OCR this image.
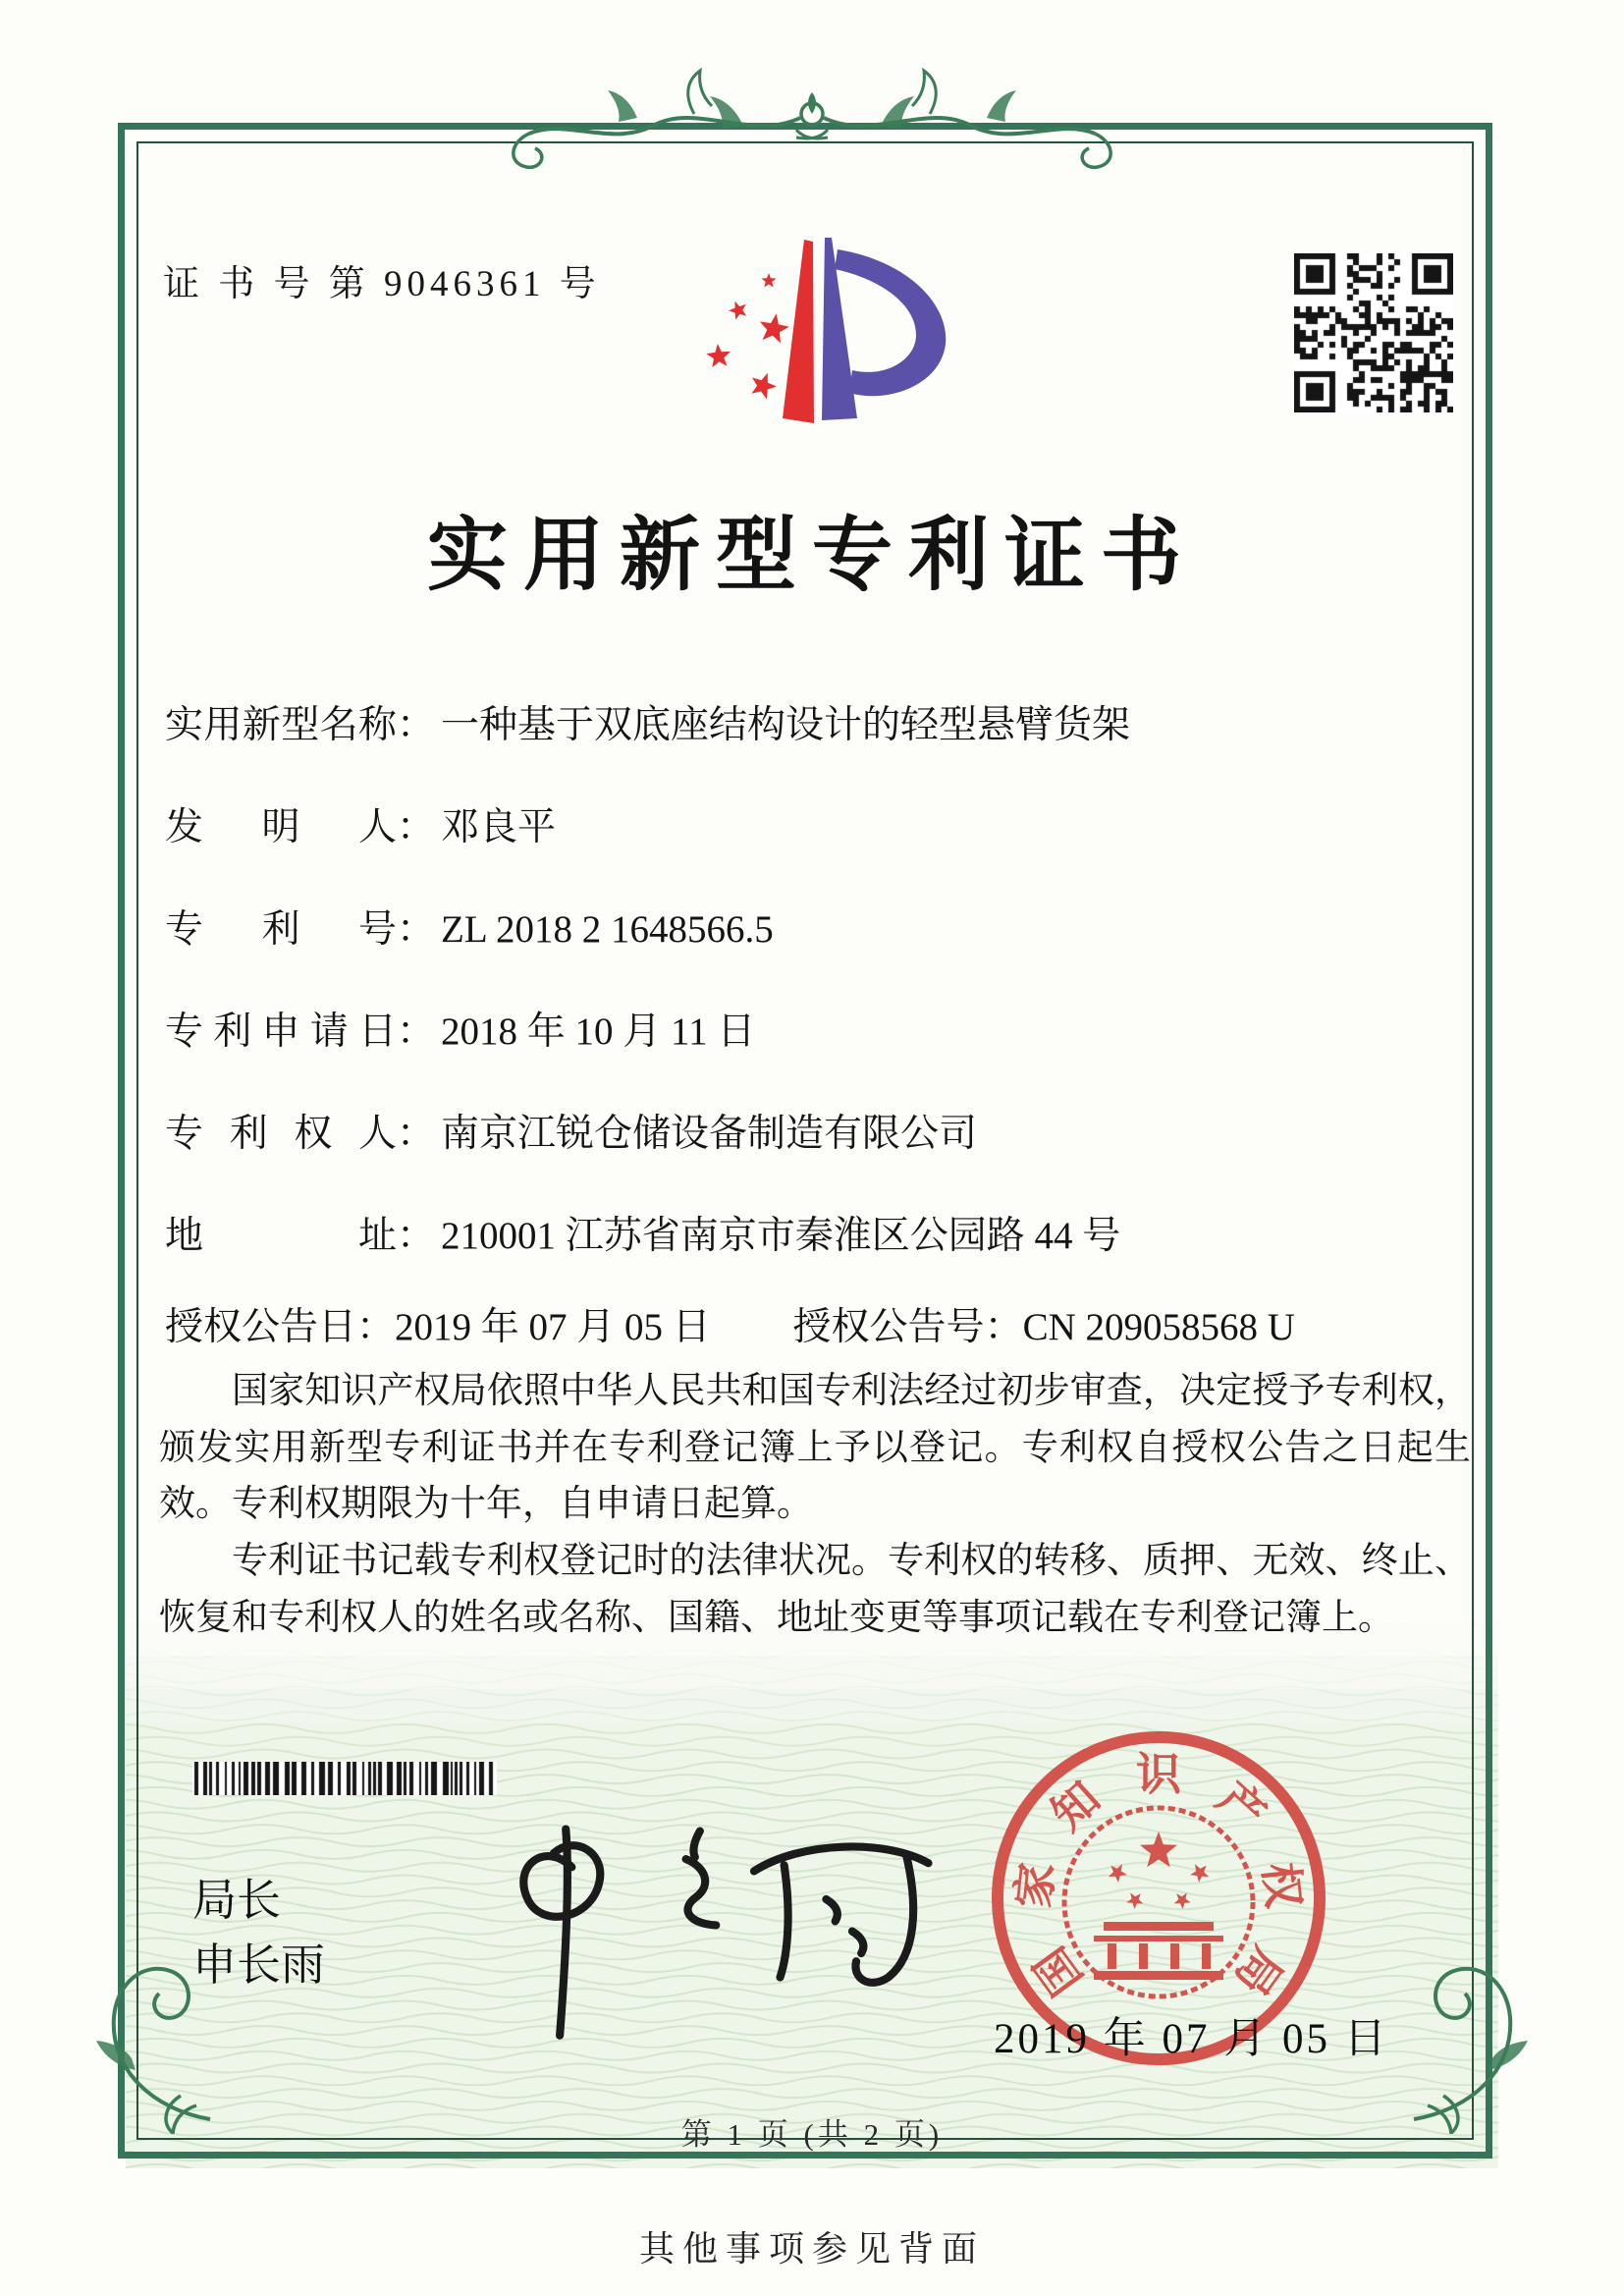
证 书 号 第 9046361 号
实用新型专利证书
实用新型名称： 一种基于双底座结构设计的轻型悬臂货架
发明人： 邓良平
专利号： ZL 2018 2 1648566.5
专利申请日： 2018 年 10 月 11 日
专利权人： 南京江锐仓储设备制造有限公司
地址： 210001 江苏省南京市秦淮区公园路 44 号
授权公告日：2019 年 07 月 05 日 授权公告号：CN 209058568 U

国家知识产权局依照中华人民共和国专利法经过初步审查，决定授予专利权，颁发实用新型专利证书并在专利登记簿上予以登记。专利权自授权公告之日起生效。专利权期限为十年，自申请日起算。

专利证书记载专利权登记时的法律状况。专利权的转移、质押、无效、终止、恢复和专利权人的姓名或名称、国籍、地址变更等事项记载在专利登记簿上。

局长
申长雨	国
家
知 识 产
权
局
2019 年 07 月 05 日
第 1 页 (共 2 页)
其他事项参见背面
